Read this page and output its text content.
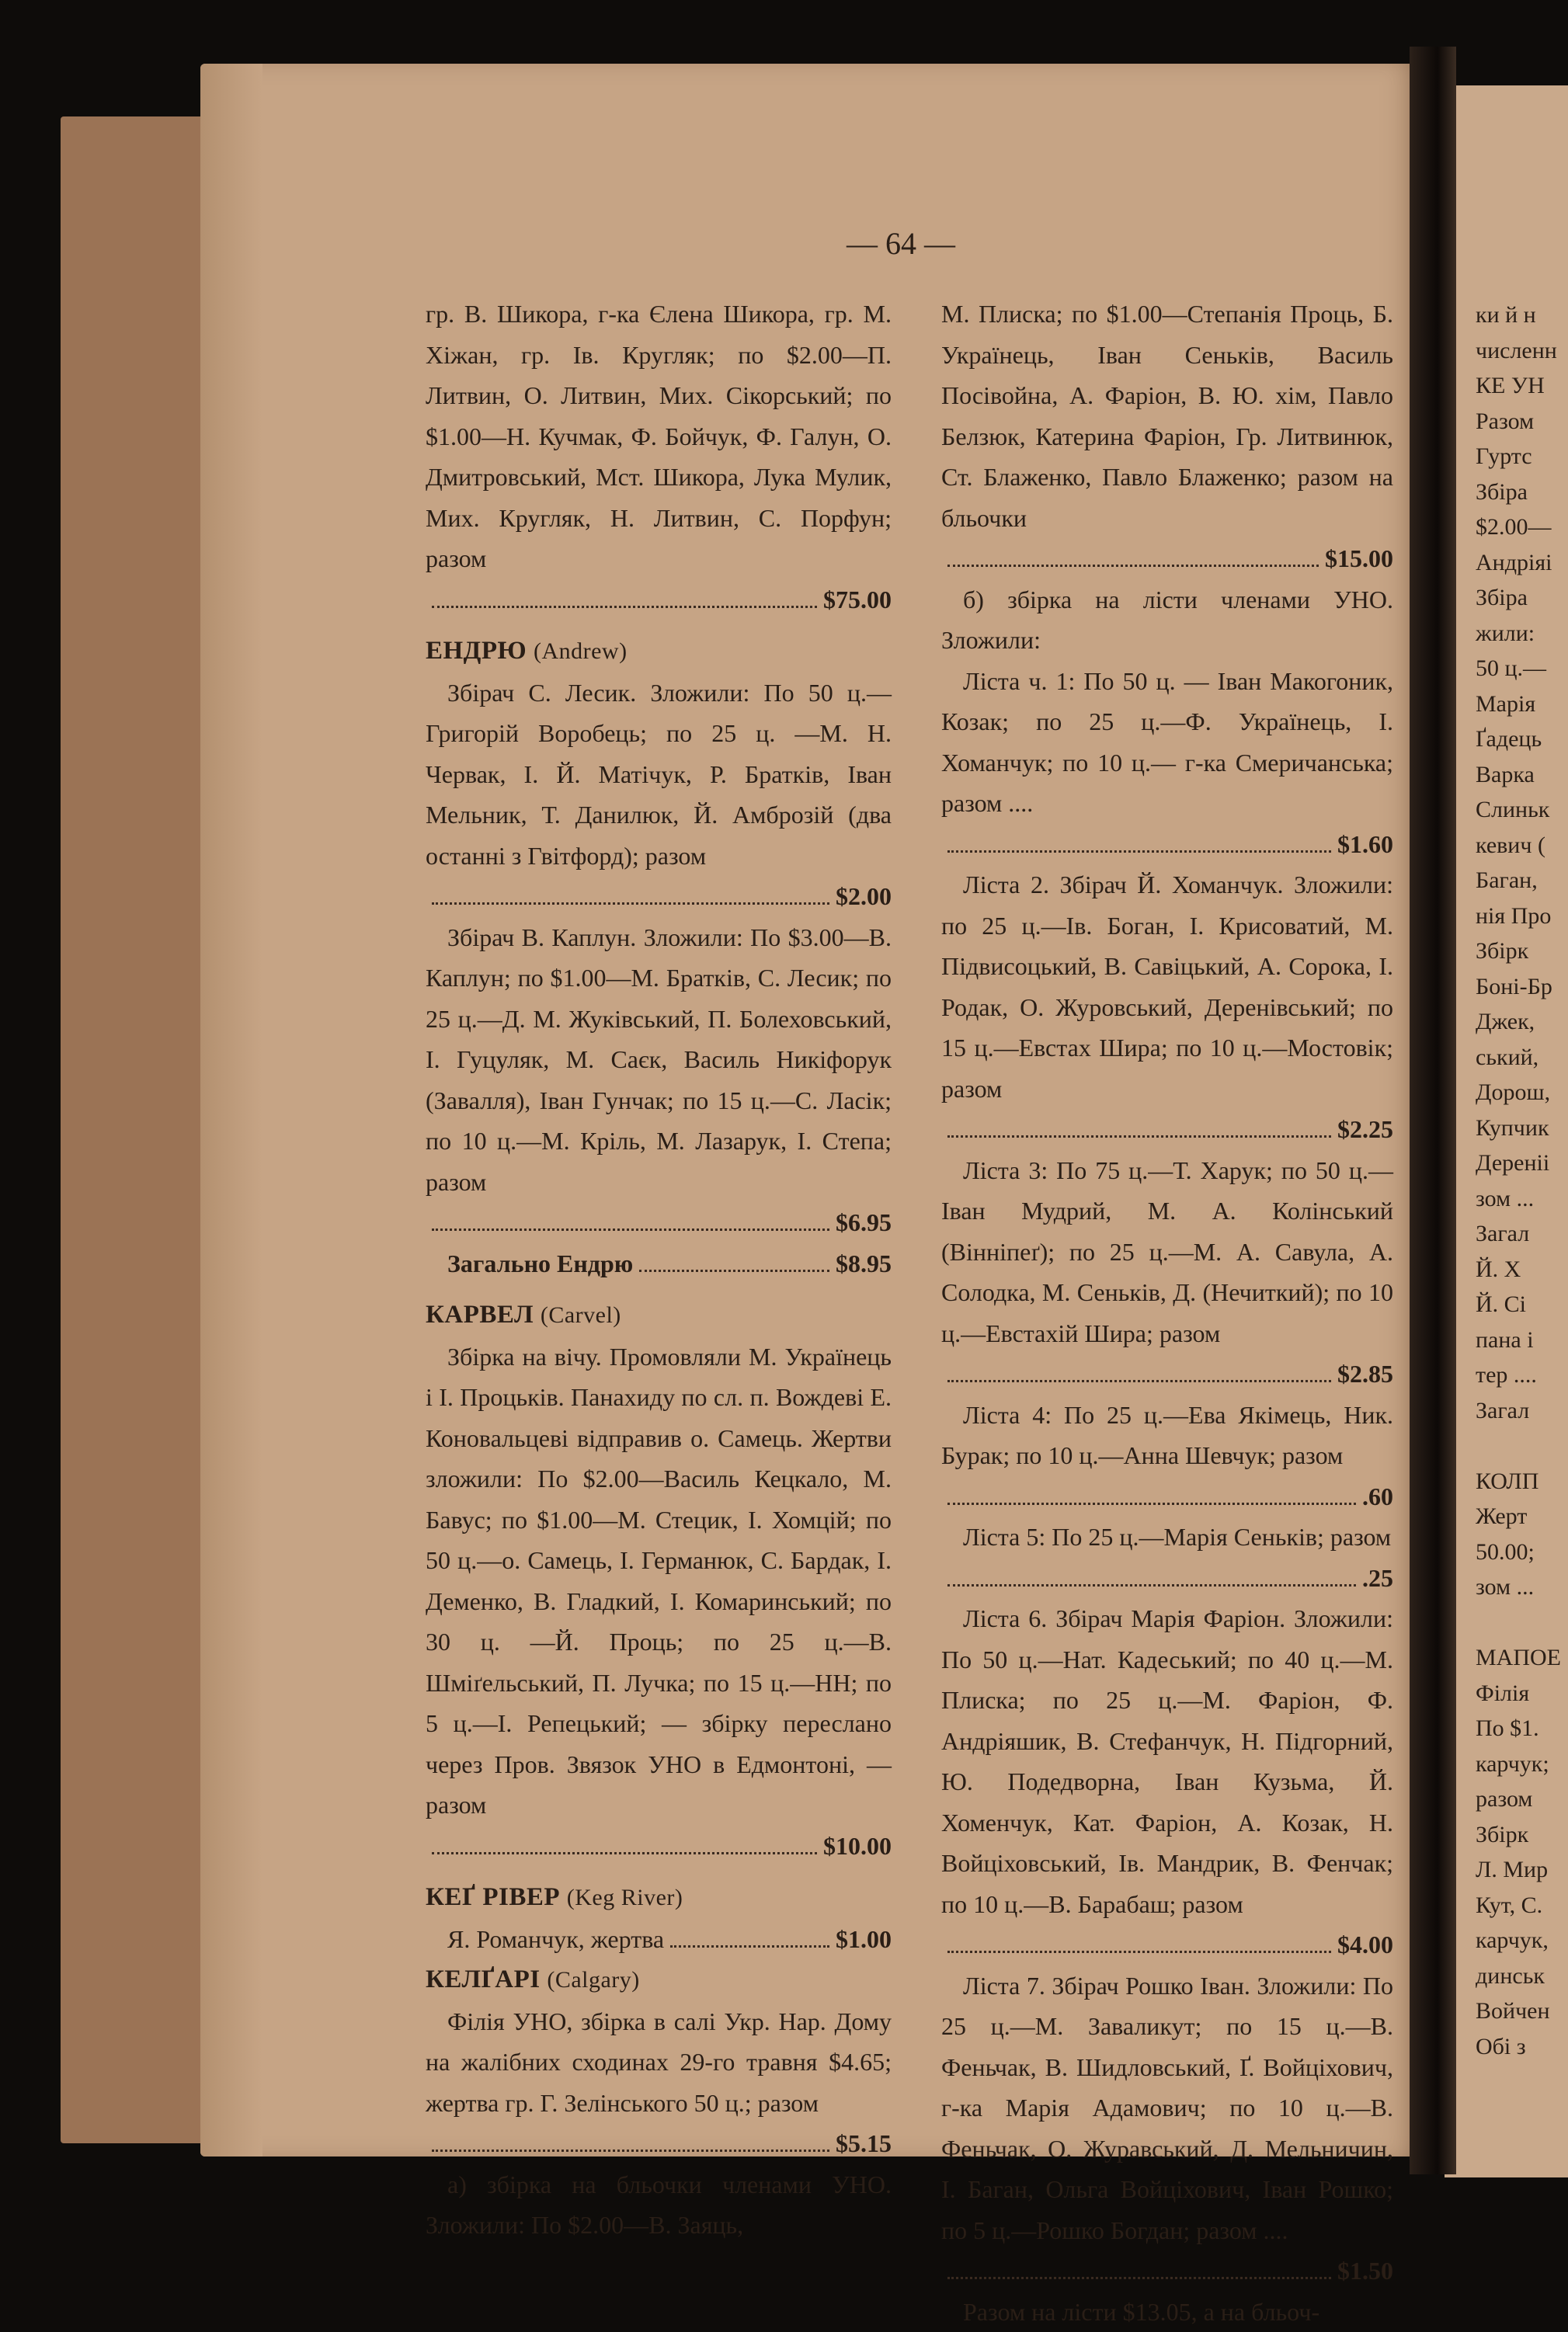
— 64 —

гр. В. Шикора, г-ка Єлена Шикора, гр. М. Хіжан, гр. Ів. Кругляк; по $2.00—П. Литвин, О. Литвин, Мих. Сікорський; по $1.00—Н. Кучмак, Ф. Бойчук, Ф. Галун, О. Дмитровський, Мст. Шикора, Лука Мулик, Мих. Кругляк, Н. Литвин, С. Порфун; разом

$75.00
ЕНДРЮ (Andrew)

Збірач С. Лесик. Зложили: По 50 ц.—Григорій Воробець; по 25 ц. —М. Н. Червак, І. Й. Матічук, Р. Братків, Іван Мельник, Т. Данилюк, Й. Амброзій (два останні з Гвітфорд); разом

$2.00

Збірач В. Каплун. Зложили: По $3.00—В. Каплун; по $1.00—М. Братків, С. Лесик; по 25 ц.—Д. М. Жуківський, П. Болеховський, І. Гуцуляк, М. Саєк, Василь Никіфорук (Завалля), Іван Гунчак; по 15 ц.—С. Ласік; по 10 ц.—М. Кріль, М. Лазарук, І. Степа; разом

$6.95
Загально Ендрю	$8.95
КАРВЕЛ (Carvel)

Збірка на вічу. Промовляли М. Українець і І. Процьків. Панахиду по сл. п. Вождеві Е. Коновальцеві відправив о. Самець. Жертви зложили: По $2.00—Василь Кецкало, М. Бавус; по $1.00—М. Стецик, І. Хомцій; по 50 ц.—о. Самець, І. Германюк, С. Бардак, І. Деменко, В. Гладкий, І. Комаринський; по 30 ц. —Й. Проць; по 25 ц.—В. Шміґельський, П. Лучка; по 15 ц.—НН; по 5 ц.—І. Репецький; — збірку переслано через Пров. Звязок УНО в Едмонтоні, — разом

$10.00
КЕҐ РІВЕР (Keg River)
Я. Романчук, жертва	$1.00
КЕЛҐАРІ (Calgary)

Філія УНО, збірка в салі Укр. Нар. Дому на жалібних сходинах 29-го травня $4.65; жертва гр. Г. Зелінського 50 ц.; разом

$5.15

а) збірка на бльочки членами УНО. Зложили: По $2.00—В. Заяць,

М. Плиска; по $1.00—Степанія Проць, Б. Українець, Іван Сеньків, Василь Посівойна, А. Фаріон, В. Ю. хім, Павло Белзюк, Катерина Фаріон, Гр. Литвинюк, Ст. Блаженко, Павло Блаженко; разом на бльочки

$15.00

б) збірка на лісти членами УНО. Зложили:

Ліста ч. 1: По 50 ц. — Іван Макогоник, Козак; по 25 ц.—Ф. Українець, І. Хоманчук; по 10 ц.— г-ка Смеричанська; разом ....

$1.60

Ліста 2. Збірач Й. Хоманчук. Зложили: по 25 ц.—Ів. Боган, І. Крисоватий, М. Підвисоцький, В. Савіцький, А. Сорока, І. Родак, О. Журовський, Деренівський; по 15 ц.—Евстах Шира; по 10 ц.—Мостовік; разом

$2.25

Ліста 3: По 75 ц.—Т. Харук; по 50 ц.—Іван Мудрий, М. А. Колінський (Вінніпеґ); по 25 ц.—М. А. Савула, А. Солодка, М. Сеньків, Д. (Нечиткий); по 10 ц.—Евстахій Шира; разом

$2.85

Ліста 4: По 25 ц.—Ева Якімець, Ник. Бурак; по 10 ц.—Анна Шевчук; разом

.60

Ліста 5: По 25 ц.—Марія Сеньків; разом

.25

Ліста 6. Збірач Марія Фаріон. Зложили: По 50 ц.—Нат. Кадеський; по 40 ц.—М. Плиска; по 25 ц.—М. Фаріон, Ф. Андріяшик, В. Стефанчук, Н. Підгорний, Ю. Подедворна, Іван Кузьма, Й. Хоменчук, Кат. Фаріон, А. Козак, Н. Войціховський, Ів. Мандрик, В. Фенчак; по 10 ц.—В. Барабаш; разом

$4.00

Ліста 7. Збірач Рошко Іван. Зложили: По 25 ц.—М. Заваликут; по 15 ц.—В. Феньчак, В. Шидловський, Ґ. Войціхович, г-ка Марія Адамович; по 10 ц.—В. Феньчак, О. Журавський, Д. Мельничин, І. Баган, Ольга Войціхович, Іван Рошко; по 5 ц.—Рошко Богдан; разом ....

$1.50

Разом на лісти $13.05, а на бльоч-

ки й н
численн
КЕ УН
Разом
Гуртс
Збіра
$2.00—
Андріяі
Збіра
жили:
50 ц.—
Марія
Ґадець
Варка
Слиньк
кевич (
Баган,
нія Про
Збірк
Боні-Бр
Джек,
ський,
Дорош,
Купчик
Дереніі
зом ...
Загал
Й. Х
Й. Сі
пана і
тер ....
Загал
КОЛП
Жерт
50.00;
зом ...
МАПОЕ
Філія
По $1.
карчук;
разом
Збірк
Л. Мир
Кут, С.
карчук,
динськ
Войчен
Обі з
